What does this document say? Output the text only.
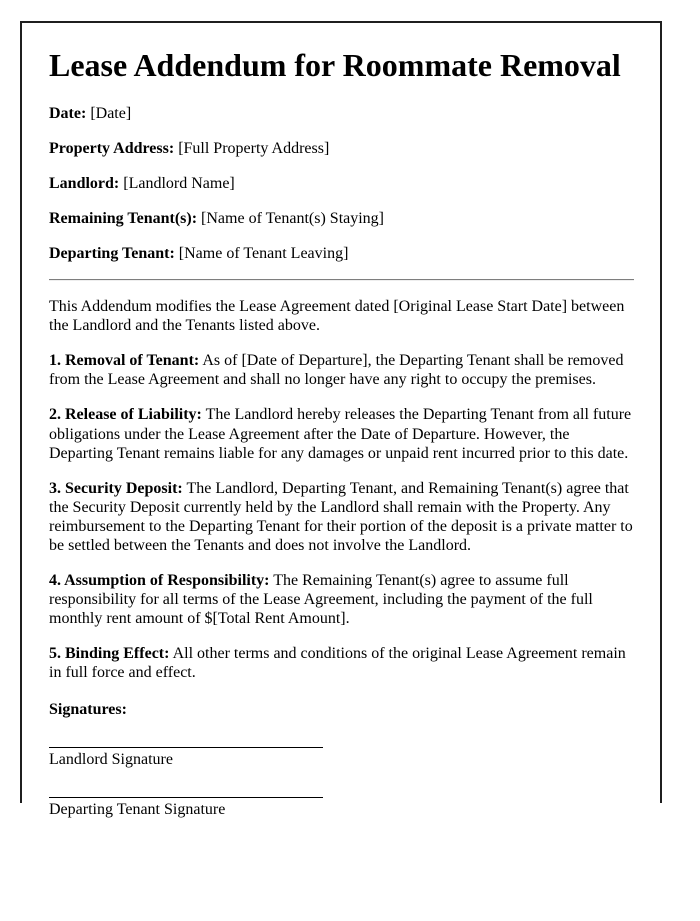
Lease Addendum for Roommate Removal

Date: [Date]

Property Address: [Full Property Address]

Landlord: [Landlord Name]

Remaining Tenant(s): [Name of Tenant(s) Staying]

Departing Tenant: [Name of Tenant Leaving]

This Addendum modifies the Lease Agreement dated [Original Lease Start Date] between the Landlord and the Tenants listed above.

1. Removal of Tenant: As of [Date of Departure], the Departing Tenant shall be removed from the Lease Agreement and shall no longer have any right to occupy the premises.

2. Release of Liability: The Landlord hereby releases the Departing Tenant from all future obligations under the Lease Agreement after the Date of Departure. However, the Departing Tenant remains liable for any damages or unpaid rent incurred prior to this date.

3. Security Deposit: The Landlord, Departing Tenant, and Remaining Tenant(s) agree that the Security Deposit currently held by the Landlord shall remain with the Property. Any reimbursement to the Departing Tenant for their portion of the deposit is a private matter to be settled between the Tenants and does not involve the Landlord.

4. Assumption of Responsibility: The Remaining Tenant(s) agree to assume full responsibility for all terms of the Lease Agreement, including the payment of the full monthly rent amount of $[Total Rent Amount].

5. Binding Effect: All other terms and conditions of the original Lease Agreement remain in full force and effect.

Signatures:

Landlord Signature

Departing Tenant Signature
